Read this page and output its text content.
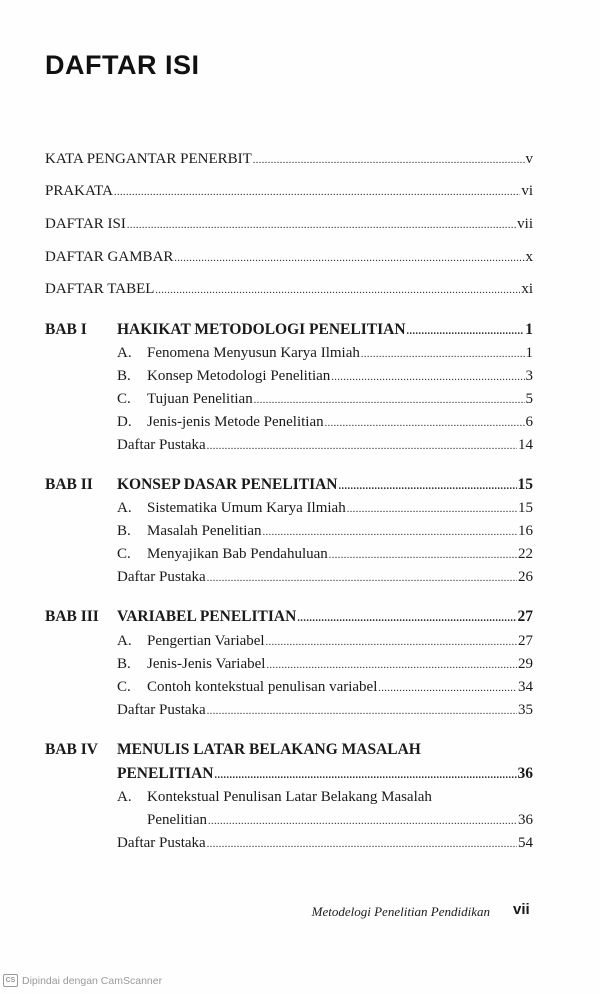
DAFTAR ISI
KATA PENGANTAR PENERBIT .....	v
PRAKATA .....	vi
DAFTAR ISI .....	vii
DAFTAR GAMBAR .....	x
DAFTAR TABEL .....	xi
BAB I HAKIKAT METODOLOGI PENELITIAN .....	1
A.	Fenomena Menyusun Karya Ilmiah .....	1
B.	Konsep Metodologi Penelitian .....	3
C.	Tujuan Penelitian .....	5
D.	Jenis-jenis Metode Penelitian .....	6
Daftar Pustaka .....	14
BAB II KONSEP DASAR PENELITIAN .....	15
A.	Sistematika Umum Karya Ilmiah .....	15
B.	Masalah Penelitian .....	16
C.	Menyajikan Bab Pendahuluan .....	22
Daftar Pustaka .....	26
BAB III VARIABEL PENELITIAN .....	27
A.	Pengertian Variabel .....	27
B.	Jenis-Jenis Variabel .....	29
C.	Contoh kontekstual penulisan variabel .....	34
Daftar Pustaka .....	35
BAB IV MENULIS LATAR BELAKANG MASALAH
PENELITIAN .....	36
A. Kontekstual Penulisan Latar Belakang Masalah
Penelitian .....	36
Daftar Pustaka .....	54
Metodelogi Penelitian Pendidikan vii
CS Dipindai dengan CamScanner
